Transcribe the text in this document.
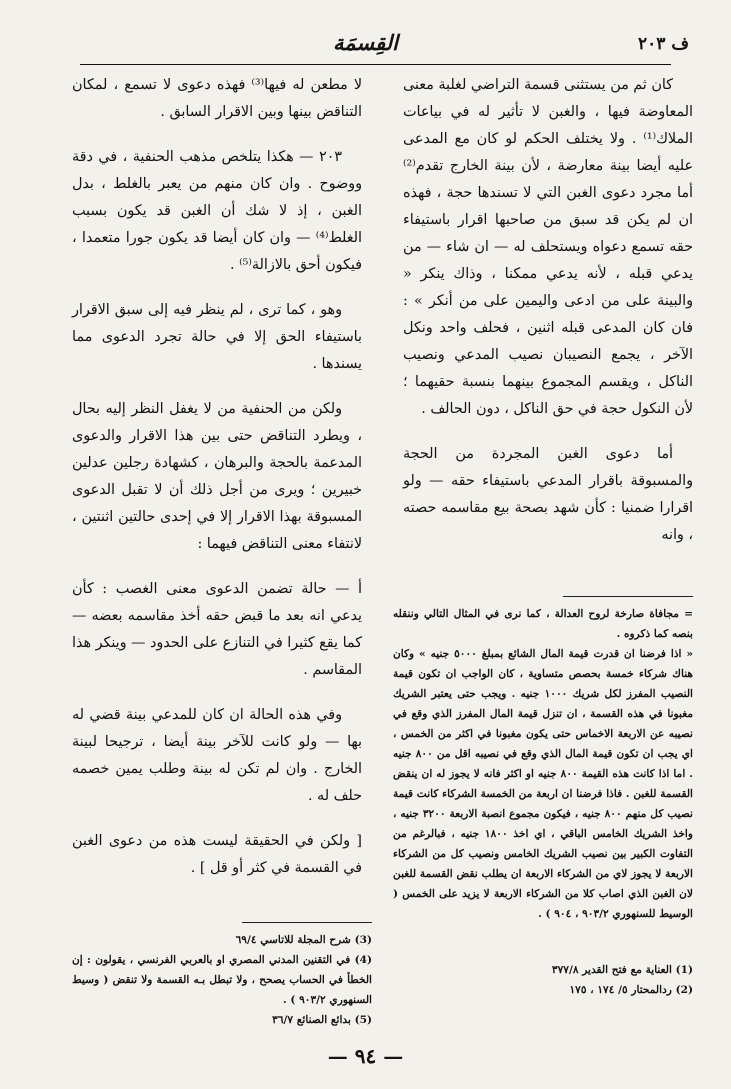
ف ٢٠٣
القِسمَة

كان ثم من يستثنى قسمة التراضي لغلبة معنى المعاوضة فيها ، والغبن لا تأثير له في بياعات الملاك⁽¹⁾ . ولا يختلف الحكم لو كان مع المدعى عليه أيضا بينة معارضة ، لأن بينة الخارج تقدم⁽²⁾ أما مجرد دعوى الغبن التي لا تسندها حجة ، فهذه ان لم يكن قد سبق من صاحبها اقرار باستيفاء حقه تسمع دعواه ويستحلف له — ان شاء — من يدعي قبله ، لأنه يدعي ممكنا ، وذاك ينكر « والبينة على من ادعى واليمين على من أنكر » : فان كان المدعى قبله اثنين ، فحلف واحد ونكل الآخر ، يجمع النصيبان نصيب المدعي ونصيب الناكل ، ويقسم المجموع بينهما بنسبة حقيهما ؛ لأن النكول حجة في حق الناكل ، دون الحالف .

أما دعوى الغبن المجردة من الحجة والمسبوقة باقرار المدعي باستيفاء حقه — ولو اقرارا ضمنيا : كأن شهد بصحة بيع مقاسمه حصته ، وانه

لا مطعن له فيها⁽³⁾ فهذه دعوى لا تسمع ، لمكان التناقض بينها وبين الاقرار السابق .

٢٠٣ — هكذا يتلخص مذهب الحنفية ، في دقة ووضوح . وان كان منهم من يعبر بالغلط ، بدل الغبن ، إذ لا شك أن الغبن قد يكون بسبب الغلط⁽⁴⁾ — وان كان أيضا قد يكون جورا متعمدا ، فيكون أحق بالازالة⁽⁵⁾ .

وهو ، كما ترى ، لم ينظر فيه إلى سبق الاقرار باستيفاء الحق إلا في حالة تجرد الدعوى مما يسندها .

ولكن من الحنفية من لا يغفل النظر إليه بحال ، ويطرد التناقض حتى بين هذا الاقرار والدعوى المدعمة بالحجة والبرهان ، كشهادة رجلين عدلين خبيرين ؛ ويرى من أجل ذلك أن لا تقبل الدعوى المسبوقة بهذا الاقرار إلا في إحدى حالتين اثنتين ، لانتفاء معنى التناقض فيهما :

أ — حالة تضمن الدعوى معنى الغصب : كأن يدعي انه بعد ما قبض حقه أخذ مقاسمه بعضه — كما يقع كثيرا في التنازع على الحدود — وينكر هذا المقاسم .

وفي هذه الحالة ان كان للمدعي بينة قضي له بها — ولو كانت للآخر بينة أيضا ، ترجيحا لبينة الخارج . وان لم تكن له بينة وطلب يمين خصمه حلف له .

[ ولكن في الحقيقة ليست هذه من دعوى الغبن في القسمة في كثر أو قل ] .

= مجافاة صارخة لروح العدالة ، كما نرى في المثال التالي وننقله بنصه كما ذكروه .
« اذا فرضنا ان قدرت قيمة المال الشائع بمبلغ ٥٠٠٠ جنيه » وكان هناك شركاء خمسة بحصص متساوية ، كان الواجب ان تكون قيمة النصيب المفرز لكل شريك ١٠٠٠ جنيه . ويجب حتى يعتبر الشريك مغبونا في هذه القسمة ، ان تنزل قيمة المال المفرز الذي وقع في نصيبه عن الاربعة الاخماس حتى يكون مغبونا في اكثر من الخمس ، اي يجب ان تكون قيمة المال الذي وقع في نصيبه اقل من ٨٠٠ جنيه . اما اذا كانت هذه القيمة ٨٠٠ جنيه او اكثر فانه لا يجوز له ان ينقض القسمة للغبن . فاذا فرضنا ان اربعة من الخمسة الشركاء كانت قيمة نصيب كل منهم ٨٠٠ جنيه ، فيكون مجموع انصبة الاربعة ٣٢٠٠ جنيه ، واخذ الشريك الخامس الباقي ، اي اخذ ١٨٠٠ جنيه ، فبالرغم من التفاوت الكبير بين نصيب الشريك الخامس ونصيب كل من الشركاء الاربعة لا يجوز لاي من الشركاء الاربعة ان يطلب نقض القسمة للغبن لان الغبن الذي اصاب كلا من الشركاء الاربعة لا يزيد على الخمس ( الوسيط للسنهوري ٩٠٣/٢ ، ٩٠٤ ) .
(1) العناية مع فتح القدير ٣٧٧/٨
(2) ردالمحتار ٥/ ١٧٤ ، ١٧٥
(3) شرح المجلة للاتاسي ٦٩/٤
(4) في التقنين المدني المصري او بالعربي الفرنسي ، يقولون : إن الخطأ في الحساب يصحح ، ولا تبطل بـه القسمة ولا تنقض ( وسيط السنهوري ٩٠٣/٢ ) .
(5) بدائع الصنائع ٣٦/٧
— ٩٤ —
